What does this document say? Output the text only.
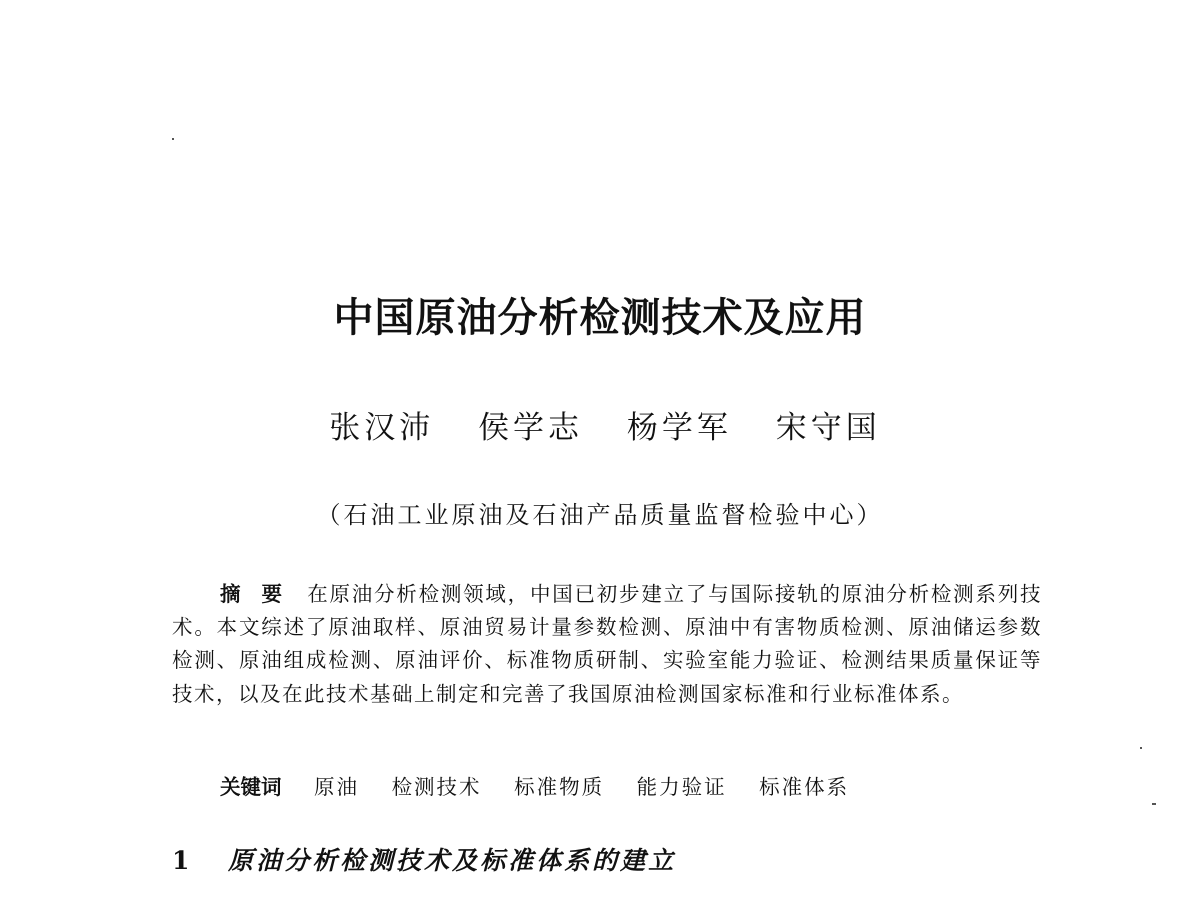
中国原油分析检测技术及应用
张汉沛 侯学志 杨学军 宋守国
（石油工业原油及石油产品质量监督检验中心）
摘　要 在原油分析检测领域，中国已初步建立了与国际接轨的原油分析检测系列技术。本文综述了原油取样、原油贸易计量参数检测、原油中有害物质检测、原油储运参数检测、原油组成检测、原油评价、标准物质研制、实验室能力验证、检测结果质量保证等技术，以及在此技术基础上制定和完善了我国原油检测国家标准和行业标准体系。
关键词 原油 检测技术 标准物质 能力验证 标准体系
1 原油分析检测技术及标准体系的建立
